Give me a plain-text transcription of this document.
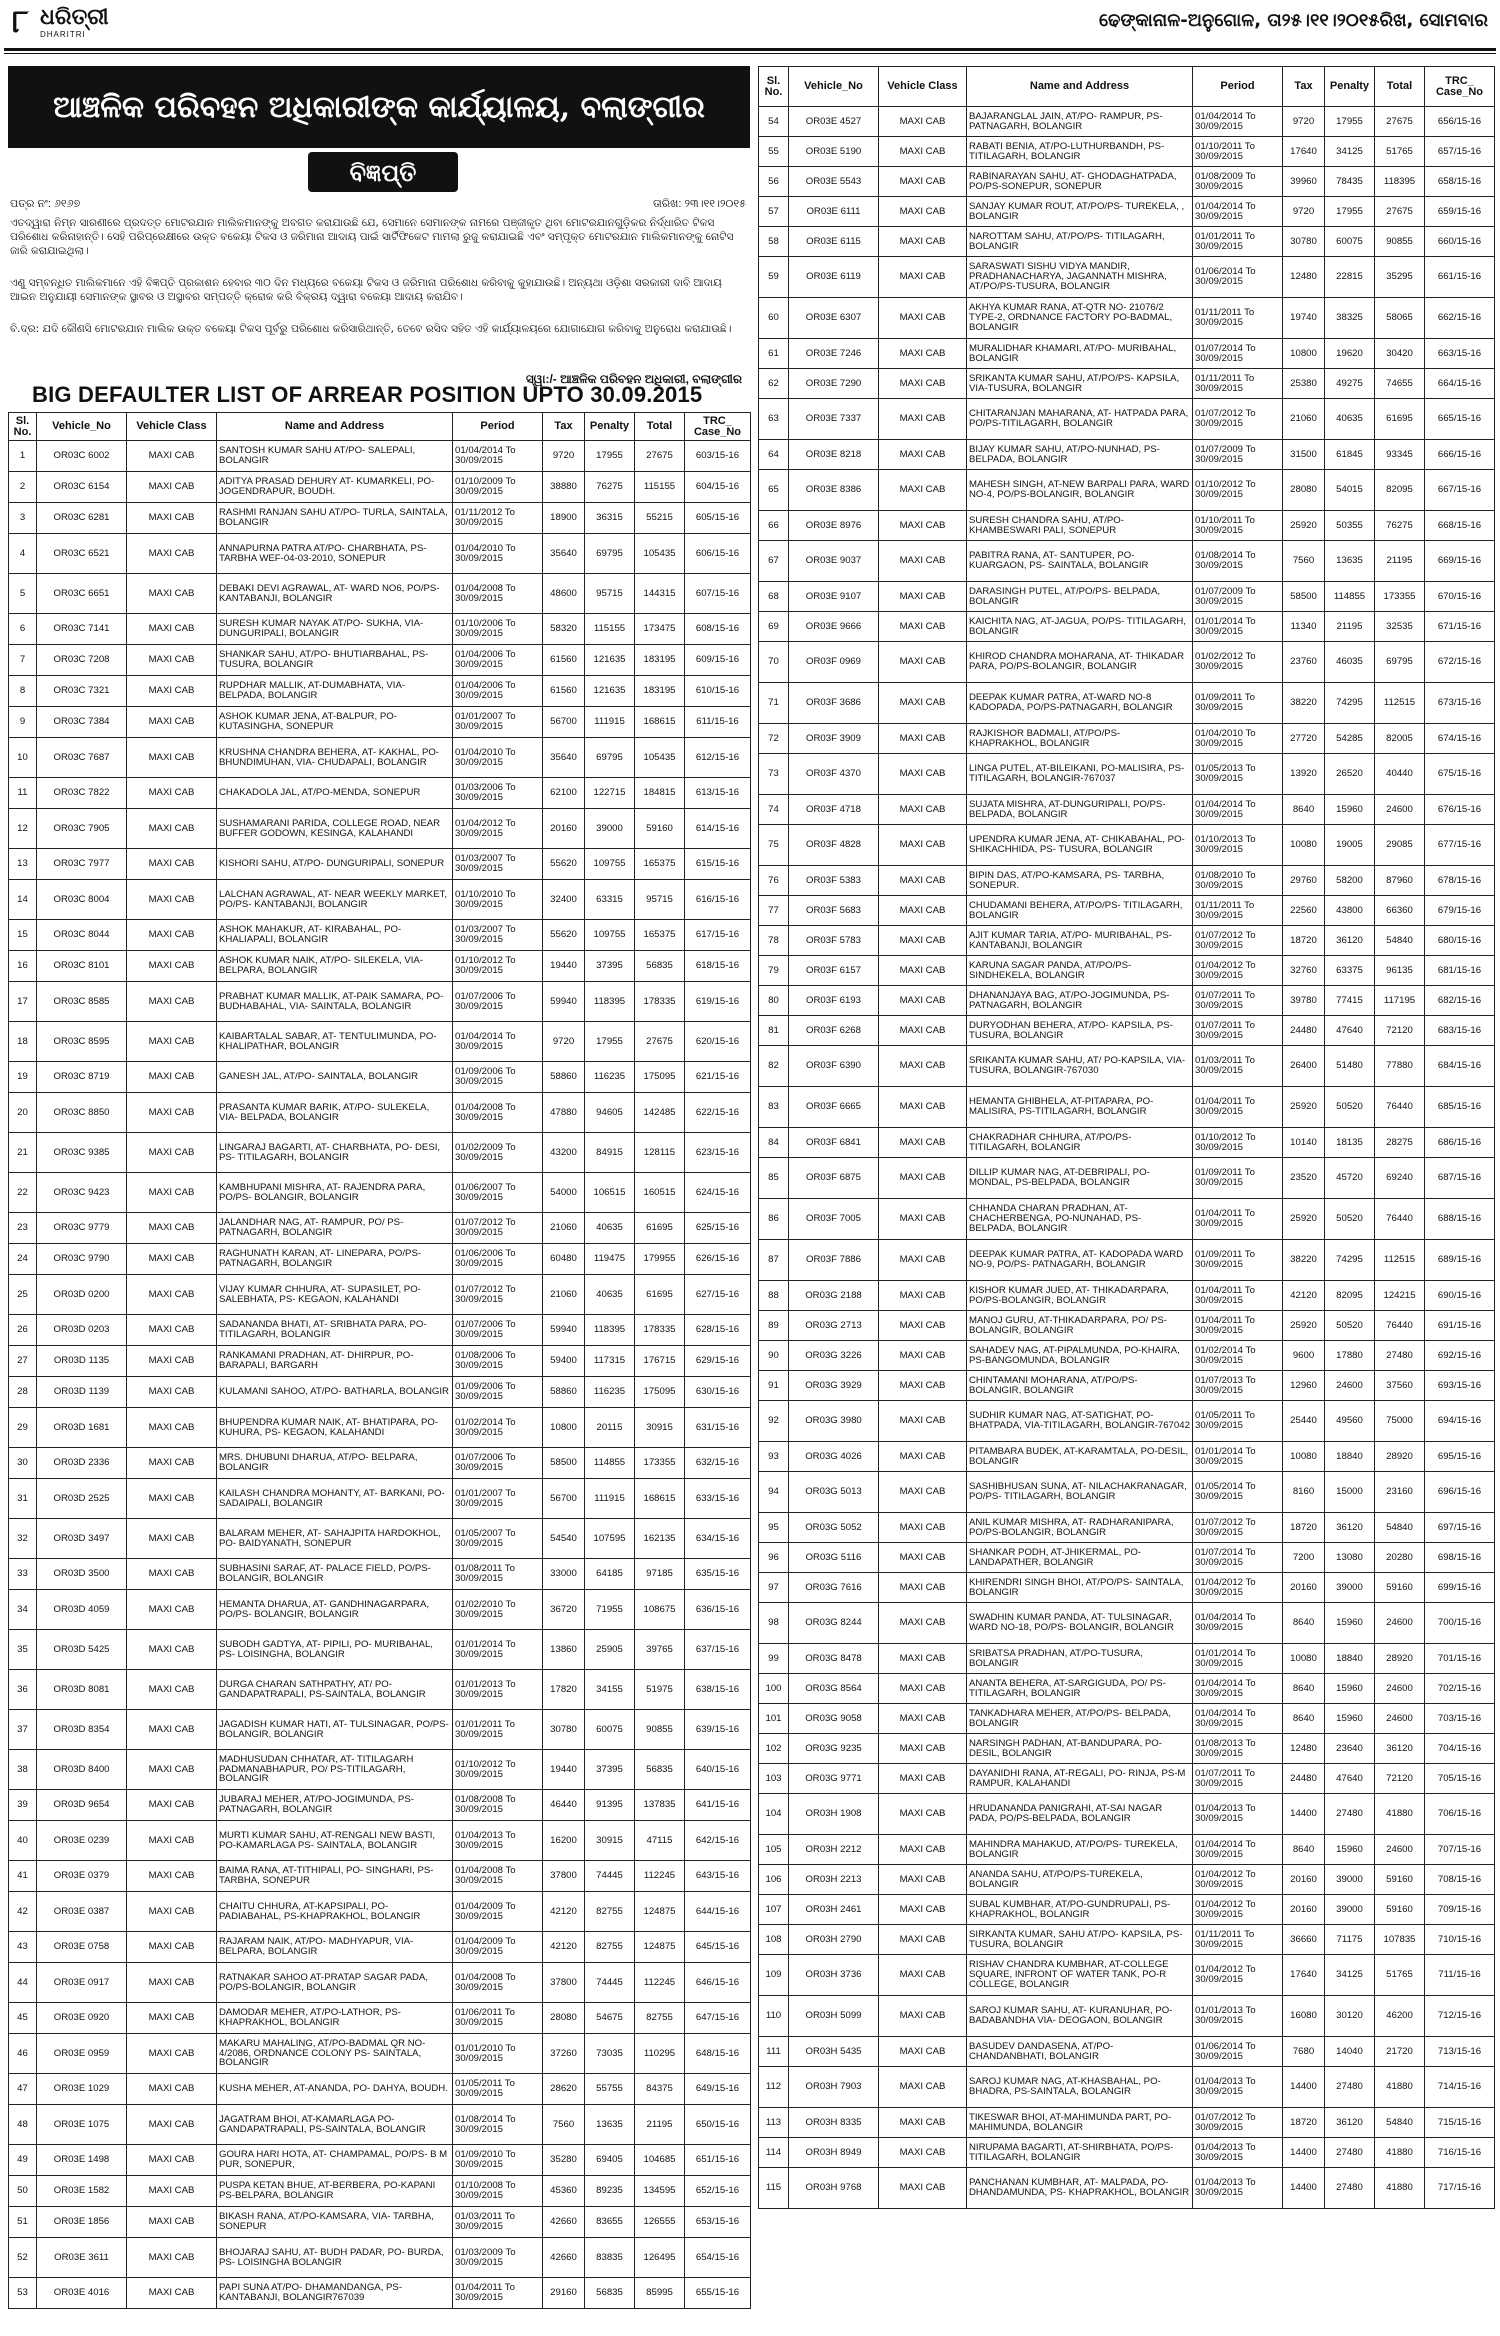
୮ ଧରିତ୍ରୀ
DHARITRI
ଢେଙ୍କାନାଳ-ଅନୁଗୋଳ, ତା୨୫।୧୧।୨୦୧୫ରିଖ, ସୋମବାର
ଆଞ୍ଚଳିକ ପରିବହନ ଅଧିକାରୀଙ୍କ କାର୍ଯ୍ୟାଳୟ, ବଲାଙ୍ଗୀର
ବିଜ୍ଞପ୍ତି
ପତ୍ର ନଂ: ୬୧୬୭	ତାରିଖ: ୨୩।୧୧।୨୦୧୫
ଏତଦ୍ୱାରା ନିମ୍ନ ସାରଣୀରେ ପ୍ରଦତ୍ତ ମୋଟରଯାନ ମାଲିକମାନଙ୍କୁ ଅବଗତ କରାଯାଉଛି ଯେ, ସେମାନେ ସେମାନଙ୍କ ନାମରେ ପଞ୍ଜୀକୃତ ଥିବା ମୋଟରଯାନଗୁଡ଼ିକର ନିର୍ଦ୍ଧାରିତ ଟିକସ ପରିଶୋଧ କରିନାହାନ୍ତି। ସେହି ପରିପ୍ରେକ୍ଷୀରେ ଉକ୍ତ ବକେୟା ଟିକସ ଓ ଜରିମାନା ଆଦାୟ ପାଇଁ ସାର୍ଟିଫିକେଟ ମାମଲା ରୁଜୁ କରାଯାଇଛି ଏବଂ ସମ୍ପୃକ୍ତ ମୋଟରଯାନ ମାଲିକମାନଙ୍କୁ ନୋଟିସ ଜାରି କରାଯାଇଥିଲା।
ଏଣୁ ସମ୍ବନ୍ଧିତ ମାଲିକମାନେ ଏହି ବିଜ୍ଞପ୍ତି ପ୍ରକାଶନ ହେବାର ୩୦ ଦିନ ମଧ୍ୟରେ ବକେୟା ଟିକସ ଓ ଜରିମାନା ପରିଶୋଧ କରିବାକୁ କୁହାଯାଉଛି। ଅନ୍ୟଥା ଓଡ଼ିଶା ସରକାରୀ ଦାବି ଆଦାୟ ଆଇନ ଅନୁଯାୟୀ ସେମାନଙ୍କ ସ୍ଥାବର ଓ ଅସ୍ଥାବର ସମ୍ପତ୍ତି କ୍ରୋକ କରି ବିକ୍ରୟ ଦ୍ୱାରା ବକେୟା ଆଦାୟ କରାଯିବ।
ବି.ଦ୍ର: ଯଦି କୌଣସି ମୋଟରଯାନ ମାଲିକ ଉକ୍ତ ବକେୟା ଟିକସ ପୂର୍ବରୁ ପରିଶୋଧ କରିସାରିଥାନ୍ତି, ତେବେ ରସିଦ ସହିତ ଏହି କାର୍ଯ୍ୟାଳୟରେ ଯୋଗାଯୋଗ କରିବାକୁ ଅନୁରୋଧ କରାଯାଉଛି।
ସ୍ୱା:/- ଆଞ୍ଚଳିକ ପରିବହନ ଅଧିକାରୀ, ବଲାଙ୍ଗୀର
BIG DEFAULTER LIST OF ARREAR POSITION UPTO 30.09.2015
Sl. No.	Vehicle_No	Vehicle Class	Name and Address	Period	Tax	Penalty	Total	TRC_ Case_No
1	OR03C 6002	MAXI CAB	SANTOSH KUMAR SAHU AT/PO- SALEPALI, BOLANGIR	01/04/2014 To 30/09/2015	9720	17955	27675	603/15-16
2	OR03C 6154	MAXI CAB	ADITYA PRASAD DEHURY AT- KUMARKELI, PO-JOGENDRAPUR, BOUDH.	01/10/2009 To 30/09/2015	38880	76275	115155	604/15-16
3	OR03C 6281	MAXI CAB	RASHMI RANJAN SAHU AT/PO- TURLA, SAINTALA, BOLANGIR	01/11/2012 To 30/09/2015	18900	36315	55215	605/15-16
4	OR03C 6521	MAXI CAB	ANNAPURNA PATRA AT/PO- CHARBHATA, PS-TARBHA WEF-04-03-2010, SONEPUR	01/04/2010 To 30/09/2015	35640	69795	105435	606/15-16
5	OR03C 6651	MAXI CAB	DEBAKI DEVI AGRAWAL, AT- WARD NO6, PO/PS- KANTABANJI, BOLANGIR	01/04/2008 To 30/09/2015	48600	95715	144315	607/15-16
6	OR03C 7141	MAXI CAB	SURESH KUMAR NAYAK AT/PO- SUKHA, VIA- DUNGURIPALI, BOLANGIR	01/10/2006 To 30/09/2015	58320	115155	173475	608/15-16
7	OR03C 7208	MAXI CAB	SHANKAR SAHU, AT/PO- BHUTIARBAHAL, PS- TUSURA, BOLANGIR	01/04/2006 To 30/09/2015	61560	121635	183195	609/15-16
8	OR03C 7321	MAXI CAB	RUPDHAR MALLIK, AT-DUMABHATA, VIA-BELPADA, BOLANGIR	01/04/2006 To 30/09/2015	61560	121635	183195	610/15-16
9	OR03C 7384	MAXI CAB	ASHOK KUMAR JENA, AT-BALPUR, PO- KUTASINGHA, SONEPUR	01/01/2007 To 30/09/2015	56700	111915	168615	611/15-16
10	OR03C 7687	MAXI CAB	KRUSHNA CHANDRA BEHERA, AT- KAKHAL, PO- BHUNDIMUHAN, VIA- CHUDAPALI, BOLANGIR	01/04/2010 To 30/09/2015	35640	69795	105435	612/15-16
11	OR03C 7822	MAXI CAB	CHAKADOLA JAL, AT/PO-MENDA, SONEPUR	01/03/2006 To 30/09/2015	62100	122715	184815	613/15-16
12	OR03C 7905	MAXI CAB	SUSHAMARANI PARIDA, COLLEGE ROAD, NEAR BUFFER GODOWN, KESINGA, KALAHANDI	01/04/2012 To 30/09/2015	20160	39000	59160	614/15-16
13	OR03C 7977	MAXI CAB	KISHORI SAHU, AT/PO- DUNGURIPALI, SONEPUR	01/03/2007 To 30/09/2015	55620	109755	165375	615/15-16
14	OR03C 8004	MAXI CAB	LALCHAN AGRAWAL, AT- NEAR WEEKLY MARKET, PO/PS- KANTABANJI, BOLANGIR	01/10/2010 To 30/09/2015	32400	63315	95715	616/15-16
15	OR03C 8044	MAXI CAB	ASHOK MAHAKUR, AT- KIRABAHAL, PO- KHALIAPALI, BOLANGIR	01/03/2007 To 30/09/2015	55620	109755	165375	617/15-16
16	OR03C 8101	MAXI CAB	ASHOK KUMAR NAIK, AT/PO- SILEKELA, VIA- BELPARA, BOLANGIR	01/10/2012 To 30/09/2015	19440	37395	56835	618/15-16
17	OR03C 8585	MAXI CAB	PRABHAT KUMAR MALLIK, AT-PAIK SAMARA, PO-BUDHABAHAL, VIA- SAINTALA, BOLANGIR	01/07/2006 To 30/09/2015	59940	118395	178335	619/15-16
18	OR03C 8595	MAXI CAB	KAIBARTALAL SABAR, AT- TENTULIMUNDA, PO-KHALIPATHAR, BOLANGIR	01/04/2014 To 30/09/2015	9720	17955	27675	620/15-16
19	OR03C 8719	MAXI CAB	GANESH JAL, AT/PO- SAINTALA, BOLANGIR	01/09/2006 To 30/09/2015	58860	116235	175095	621/15-16
20	OR03C 8850	MAXI CAB	PRASANTA KUMAR BARIK, AT/PO- SULEKELA, VIA- BELPADA, BOLANGIR	01/04/2008 To 30/09/2015	47880	94605	142485	622/15-16
21	OR03C 9385	MAXI CAB	LINGARAJ BAGARTI, AT- CHARBHATA, PO- DESI, PS- TITILAGARH, BOLANGIR	01/02/2009 To 30/09/2015	43200	84915	128115	623/15-16
22	OR03C 9423	MAXI CAB	KAMBHUPANI MISHRA, AT- RAJENDRA PARA, PO/PS- BOLANGIR, BOLANGIR	01/06/2007 To 30/09/2015	54000	106515	160515	624/15-16
23	OR03C 9779	MAXI CAB	JALANDHAR NAG, AT- RAMPUR, PO/ PS- PATNAGARH, BOLANGIR	01/07/2012 To 30/09/2015	21060	40635	61695	625/15-16
24	OR03C 9790	MAXI CAB	RAGHUNATH KARAN, AT- LINEPARA, PO/PS- PATNAGARH, BOLANGIR	01/06/2006 To 30/09/2015	60480	119475	179955	626/15-16
25	OR03D 0200	MAXI CAB	VIJAY KUMAR CHHURA, AT- SUPASILET, PO-SALEBHATA, PS- KEGAON, KALAHANDI	01/07/2012 To 30/09/2015	21060	40635	61695	627/15-16
26	OR03D 0203	MAXI CAB	SADANANDA BHATI, AT- SRIBHATA PARA, PO- TITILAGARH, BOLANGIR	01/07/2006 To 30/09/2015	59940	118395	178335	628/15-16
27	OR03D 1135	MAXI CAB	RANKAMANI PRADHAN, AT- DHIRPUR, PO- BARAPALI, BARGARH	01/08/2006 To 30/09/2015	59400	117315	176715	629/15-16
28	OR03D 1139	MAXI CAB	KULAMANI SAHOO, AT/PO- BATHARLA, BOLANGIR	01/09/2006 To 30/09/2015	58860	116235	175095	630/15-16
29	OR03D 1681	MAXI CAB	BHUPENDRA KUMAR NAIK, AT- BHATIPARA, PO-KUHURA, PS- KEGAON, KALAHANDI	01/02/2014 To 30/09/2015	10800	20115	30915	631/15-16
30	OR03D 2336	MAXI CAB	MRS. DHUBUNI DHARUA, AT/PO- BELPARA, BOLANGIR	01/07/2006 To 30/09/2015	58500	114855	173355	632/15-16
31	OR03D 2525	MAXI CAB	KAILASH CHANDRA MOHANTY, AT- BARKANI, PO- SADAIPALI, BOLANGIR	01/01/2007 To 30/09/2015	56700	111915	168615	633/15-16
32	OR03D 3497	MAXI CAB	BALARAM MEHER, AT- SAHAJPITA HARDOKHOL, PO- BAIDYANATH, SONEPUR	01/05/2007 To 30/09/2015	54540	107595	162135	634/15-16
33	OR03D 3500	MAXI CAB	SUBHASINI SARAF, AT- PALACE FIELD, PO/PS- BOLANGIR, BOLANGIR	01/08/2011 To 30/09/2015	33000	64185	97185	635/15-16
34	OR03D 4059	MAXI CAB	HEMANTA DHARUA, AT- GANDHINAGARPARA, PO/PS- BOLANGIR, BOLANGIR	01/02/2010 To 30/09/2015	36720	71955	108675	636/15-16
35	OR03D 5425	MAXI CAB	SUBODH GADTYA, AT- PIPILI, PO- MURIBAHAL, PS- LOISINGHA, BOLANGIR	01/01/2014 To 30/09/2015	13860	25905	39765	637/15-16
36	OR03D 8081	MAXI CAB	DURGA CHARAN SATHPATHY, AT/ PO-GANDAPATRAPALI, PS-SAINTALA, BOLANGIR	01/01/2013 To 30/09/2015	17820	34155	51975	638/15-16
37	OR03D 8354	MAXI CAB	JAGADISH KUMAR HATI, AT- TULSINAGAR, PO/PS-BOLANGIR, BOLANGIR	01/01/2011 To 30/09/2015	30780	60075	90855	639/15-16
38	OR03D 8400	MAXI CAB	MADHUSUDAN CHHATAR, AT- TITILAGARH PADMANABHAPUR, PO/ PS-TITILAGARH, BOLANGIR	01/10/2012 To 30/09/2015	19440	37395	56835	640/15-16
39	OR03D 9654	MAXI CAB	JUBARAJ MEHER, AT/PO-JOGIMUNDA, PS-PATNAGARH, BOLANGIR	01/08/2008 To 30/09/2015	46440	91395	137835	641/15-16
40	OR03E 0239	MAXI CAB	MURTI KUMAR SAHU, AT-RENGALI NEW BASTI, PO-KAMARLAGA PS- SAINTALA, BOLANGIR	01/04/2013 To 30/09/2015	16200	30915	47115	642/15-16
41	OR03E 0379	MAXI CAB	BAIMA RANA, AT-TITHIPALI, PO- SINGHARI, PS-TARBHA, SONEPUR	01/04/2008 To 30/09/2015	37800	74445	112245	643/15-16
42	OR03E 0387	MAXI CAB	CHAITU CHHURA, AT-KAPSIPALI, PO-PADIABAHAL, PS-KHAPRAKHOL, BOLANGIR	01/04/2009 To 30/09/2015	42120	82755	124875	644/15-16
43	OR03E 0758	MAXI CAB	RAJARAM NAIK, AT/PO- MADHYAPUR, VIA-BELPARA, BOLANGIR	01/04/2009 To 30/09/2015	42120	82755	124875	645/15-16
44	OR03E 0917	MAXI CAB	RATNAKAR SAHOO AT-PRATAP SAGAR PADA, PO/PS-BOLANGIR, BOLANGIR	01/04/2008 To 30/09/2015	37800	74445	112245	646/15-16
45	OR03E 0920	MAXI CAB	DAMODAR MEHER, AT/PO-LATHOR, PS-KHAPRAKHOL, BOLANGIR	01/06/2011 To 30/09/2015	28080	54675	82755	647/15-16
46	OR03E 0959	MAXI CAB	MAKARU MAHALING, AT/PO-BADMAL QR NO-4/2086, ORDNANCE COLONY PS- SAINTALA, BOLANGIR	01/01/2010 To 30/09/2015	37260	73035	110295	648/15-16
47	OR03E 1029	MAXI CAB	KUSHA MEHER, AT-ANANDA, PO- DAHYA, BOUDH.	01/05/2011 To 30/09/2015	28620	55755	84375	649/15-16
48	OR03E 1075	MAXI CAB	JAGATRAM BHOI, AT-KAMARLAGA PO-GANDAPATRAPALI, PS-SAINTALA, BOLANGIR	01/08/2014 To 30/09/2015	7560	13635	21195	650/15-16
49	OR03E 1498	MAXI CAB	GOURA HARI HOTA, AT- CHAMPAMAL, PO/PS- B M PUR, SONEPUR,	01/09/2010 To 30/09/2015	35280	69405	104685	651/15-16
50	OR03E 1582	MAXI CAB	PUSPA KETAN BHUE, AT-BERBERA, PO-KAPANI PS-BELPARA, BOLANGIR	01/10/2008 To 30/09/2015	45360	89235	134595	652/15-16
51	OR03E 1856	MAXI CAB	BIKASH RANA, AT/PO-KAMSARA, VIA- TARBHA, SONEPUR	01/03/2011 To 30/09/2015	42660	83655	126555	653/15-16
52	OR03E 3611	MAXI CAB	BHOJARAJ SAHU, AT- BUDH PADAR, PO- BURDA, PS- LOISINGHA BOLANGIR	01/03/2009 To 30/09/2015	42660	83835	126495	654/15-16
53	OR03E 4016	MAXI CAB	PAPI SUNA AT/PO- DHAMANDANGA, PS-KANTABANJI, BOLANGIR767039	01/04/2011 To 30/09/2015	29160	56835	85995	655/15-16
Sl. No.	Vehicle_No	Vehicle Class	Name and Address	Period	Tax	Penalty	Total	TRC_ Case_No
54	OR03E 4527	MAXI CAB	BAJARANGLAL JAIN, AT/PO- RAMPUR, PS-PATNAGARH, BOLANGIR	01/04/2014 To 30/09/2015	9720	17955	27675	656/15-16
55	OR03E 5190	MAXI CAB	RABATI BENIA, AT/PO-LUTHURBANDH, PS-TITILAGARH, BOLANGIR	01/10/2011 To 30/09/2015	17640	34125	51765	657/15-16
56	OR03E 5543	MAXI CAB	RABINARAYAN SAHU, AT- GHODAGHATPADA, PO/PS-SONEPUR, SONEPUR	01/08/2009 To 30/09/2015	39960	78435	118395	658/15-16
57	OR03E 6111	MAXI CAB	SANJAY KUMAR ROUT, AT/PO/PS- TUREKELA, , BOLANGIR	01/04/2014 To 30/09/2015	9720	17955	27675	659/15-16
58	OR03E 6115	MAXI CAB	NAROTTAM SAHU, AT/PO/PS- TITILAGARH, BOLANGIR	01/01/2011 To 30/09/2015	30780	60075	90855	660/15-16
59	OR03E 6119	MAXI CAB	SARASWATI SISHU VIDYA MANDIR, PRADHANACHARYA, JAGANNATH MISHRA, AT/PO/PS-TUSURA, BOLANGIR	01/06/2014 To 30/09/2015	12480	22815	35295	661/15-16
60	OR03E 6307	MAXI CAB	AKHYA KUMAR RANA, AT-QTR NO- 21076/2 TYPE-2, ORDNANCE FACTORY PO-BADMAL, BOLANGIR	01/11/2011 To 30/09/2015	19740	38325	58065	662/15-16
61	OR03E 7246	MAXI CAB	MURALIDHAR KHAMARI, AT/PO- MURIBAHAL, BOLANGIR	01/07/2014 To 30/09/2015	10800	19620	30420	663/15-16
62	OR03E 7290	MAXI CAB	SRIKANTA KUMAR SAHU, AT/PO/PS- KAPSILA, VIA-TUSURA, BOLANGIR	01/11/2011 To 30/09/2015	25380	49275	74655	664/15-16
63	OR03E 7337	MAXI CAB	CHITARANJAN MAHARANA, AT- HATPADA PARA, PO/PS-TITILAGARH, BOLANGIR	01/07/2012 To 30/09/2015	21060	40635	61695	665/15-16
64	OR03E 8218	MAXI CAB	BIJAY KUMAR SAHU, AT/PO-NUNHAD, PS-BELPADA, BOLANGIR	01/07/2009 To 30/09/2015	31500	61845	93345	666/15-16
65	OR03E 8386	MAXI CAB	MAHESH SINGH, AT-NEW BARPALI PARA, WARD NO-4, PO/PS-BOLANGIR, BOLANGIR	01/10/2012 To 30/09/2015	28080	54015	82095	667/15-16
66	OR03E 8976	MAXI CAB	SURESH CHANDRA SAHU, AT/PO- KHAMBESWARI PALI, SONEPUR	01/10/2011 To 30/09/2015	25920	50355	76275	668/15-16
67	OR03E 9037	MAXI CAB	PABITRA RANA, AT- SANTUPER, PO- KUARGAON, PS- SAINTALA, BOLANGIR	01/08/2014 To 30/09/2015	7560	13635	21195	669/15-16
68	OR03E 9107	MAXI CAB	DARASINGH PUTEL, AT/PO/PS- BELPADA, BOLANGIR	01/07/2009 To 30/09/2015	58500	114855	173355	670/15-16
69	OR03E 9666	MAXI CAB	KAICHITA NAG, AT-JAGUA, PO/PS- TITILAGARH, BOLANGIR	01/01/2014 To 30/09/2015	11340	21195	32535	671/15-16
70	OR03F 0969	MAXI CAB	KHIROD CHANDRA MOHARANA, AT- THIKADAR PARA, PO/PS-BOLANGIR, BOLANGIR	01/02/2012 To 30/09/2015	23760	46035	69795	672/15-16
71	OR03F 3686	MAXI CAB	DEEPAK KUMAR PATRA, AT-WARD NO-8 KADOPADA, PO/PS-PATNAGARH, BOLANGIR	01/09/2011 To 30/09/2015	38220	74295	112515	673/15-16
72	OR03F 3909	MAXI CAB	RAJKISHOR BADMALI, AT/PO/PS- KHAPRAKHOL, BOLANGIR	01/04/2010 To 30/09/2015	27720	54285	82005	674/15-16
73	OR03F 4370	MAXI CAB	LINGA PUTEL, AT-BILEIKANI, PO-MALISIRA, PS-TITILAGARH, BOLANGIR-767037	01/05/2013 To 30/09/2015	13920	26520	40440	675/15-16
74	OR03F 4718	MAXI CAB	SUJATA MISHRA, AT-DUNGURIPALI, PO/PS-BELPADA, BOLANGIR	01/04/2014 To 30/09/2015	8640	15960	24600	676/15-16
75	OR03F 4828	MAXI CAB	UPENDRA KUMAR JENA, AT- CHIKABAHAL, PO-SHIKACHHIDA, PS- TUSURA, BOLANGIR	01/10/2013 To 30/09/2015	10080	19005	29085	677/15-16
76	OR03F 5383	MAXI CAB	BIPIN DAS, AT/PO-KAMSARA, PS- TARBHA, SONEPUR.	01/08/2010 To 30/09/2015	29760	58200	87960	678/15-16
77	OR03F 5683	MAXI CAB	CHUDAMANI BEHERA, AT/PO/PS- TITILAGARH, BOLANGIR	01/11/2011 To 30/09/2015	22560	43800	66360	679/15-16
78	OR03F 5783	MAXI CAB	AJIT KUMAR TARIA, AT/PO- MURIBAHAL, PS-KANTABANJI, BOLANGIR	01/07/2012 To 30/09/2015	18720	36120	54840	680/15-16
79	OR03F 6157	MAXI CAB	KARUNA SAGAR PANDA, AT/PO/PS- SINDHEKELA, BOLANGIR	01/04/2012 To 30/09/2015	32760	63375	96135	681/15-16
80	OR03F 6193	MAXI CAB	DHANANJAYA BAG, AT/PO-JOGIMUNDA, PS-PATNAGARH, BOLANGIR	01/07/2011 To 30/09/2015	39780	77415	117195	682/15-16
81	OR03F 6268	MAXI CAB	DURYODHAN BEHERA, AT/PO- KAPSILA, PS-TUSURA, BOLANGIR	01/07/2011 To 30/09/2015	24480	47640	72120	683/15-16
82	OR03F 6390	MAXI CAB	SRIKANTA KUMAR SAHU, AT/ PO-KAPSILA, VIA-TUSURA, BOLANGIR-767030	01/03/2011 To 30/09/2015	26400	51480	77880	684/15-16
83	OR03F 6665	MAXI CAB	HEMANTA GHIBHELA, AT-PITAPARA, PO-MALISIRA, PS-TITILAGARH, BOLANGIR	01/04/2011 To 30/09/2015	25920	50520	76440	685/15-16
84	OR03F 6841	MAXI CAB	CHAKRADHAR CHHURA, AT/PO/PS- TITILAGARH, BOLANGIR	01/10/2012 To 30/09/2015	10140	18135	28275	686/15-16
85	OR03F 6875	MAXI CAB	DILLIP KUMAR NAG, AT-DEBRIPALI, PO-MONDAL, PS-BELPADA, BOLANGIR	01/09/2011 To 30/09/2015	23520	45720	69240	687/15-16
86	OR03F 7005	MAXI CAB	CHHANDA CHARAN PRADHAN, AT- CHACHERBENGA, PO-NUNAHAD, PS- BELPADA, BOLANGIR	01/04/2011 To 30/09/2015	25920	50520	76440	688/15-16
87	OR03F 7886	MAXI CAB	DEEPAK KUMAR PATRA, AT- KADOPADA WARD NO-9, PO/PS- PATNAGARH, BOLANGIR	01/09/2011 To 30/09/2015	38220	74295	112515	689/15-16
88	OR03G 2188	MAXI CAB	KISHOR KUMAR JUED, AT- THIKADARPARA, PO/PS-BOLANGIR, BOLANGIR	01/04/2011 To 30/09/2015	42120	82095	124215	690/15-16
89	OR03G 2713	MAXI CAB	MANOJ GURU, AT-THIKADARPARA, PO/ PS-BOLANGIR, BOLANGIR	01/04/2011 To 30/09/2015	25920	50520	76440	691/15-16
90	OR03G 3226	MAXI CAB	SAHADEV NAG, AT-PIPALMUNDA, PO-KHAIRA, PS-BANGOMUNDA, BOLANGIR	01/02/2014 To 30/09/2015	9600	17880	27480	692/15-16
91	OR03G 3929	MAXI CAB	CHINTAMANI MOHARANA, AT/PO/PS- BOLANGIR, BOLANGIR	01/07/2013 To 30/09/2015	12960	24600	37560	693/15-16
92	OR03G 3980	MAXI CAB	SUDHIR KUMAR NAG, AT-SATIGHAT, PO-BHATPADA, VIA-TITILAGARH, BOLANGIR-767042	01/05/2011 To 30/09/2015	25440	49560	75000	694/15-16
93	OR03G 4026	MAXI CAB	PITAMBARA BUDEK, AT-KARAMTALA, PO-DESIL, BOLANGIR	01/01/2014 To 30/09/2015	10080	18840	28920	695/15-16
94	OR03G 5013	MAXI CAB	SASHIBHUSAN SUNA, AT- NILACHAKRANAGAR, PO/PS- TITILAGARH, BOLANGIR	01/05/2014 To 30/09/2015	8160	15000	23160	696/15-16
95	OR03G 5052	MAXI CAB	ANIL KUMAR MISHRA, AT- RADHARANIPARA, PO/PS-BOLANGIR, BOLANGIR	01/07/2012 To 30/09/2015	18720	36120	54840	697/15-16
96	OR03G 5116	MAXI CAB	SHANKAR PODH, AT-JHIKERMAL, PO- LANDAPATHER, BOLANGIR	01/07/2014 To 30/09/2015	7200	13080	20280	698/15-16
97	OR03G 7616	MAXI CAB	KHIRENDRI SINGH BHOI, AT/PO/PS- SAINTALA, BOLANGIR	01/04/2012 To 30/09/2015	20160	39000	59160	699/15-16
98	OR03G 8244	MAXI CAB	SWADHIN KUMAR PANDA, AT- TULSINAGAR, WARD NO-18, PO/PS- BOLANGIR, BOLANGIR	01/04/2014 To 30/09/2015	8640	15960	24600	700/15-16
99	OR03G 8478	MAXI CAB	SRIBATSA PRADHAN, AT/PO-TUSURA, BOLANGIR	01/01/2014 To 30/09/2015	10080	18840	28920	701/15-16
100	OR03G 8564	MAXI CAB	ANANTA BEHERA, AT-SARGIGUDA, PO/ PS-TITILAGARH, BOLANGIR	01/04/2014 To 30/09/2015	8640	15960	24600	702/15-16
101	OR03G 9058	MAXI CAB	TANKADHARA MEHER, AT/PO/PS- BELPADA, BOLANGIR	01/04/2014 To 30/09/2015	8640	15960	24600	703/15-16
102	OR03G 9235	MAXI CAB	NARSINGH PADHAN, AT-BANDUPARA, PO-DESIL, BOLANGIR	01/08/2013 To 30/09/2015	12480	23640	36120	704/15-16
103	OR03G 9771	MAXI CAB	DAYANIDHI RANA, AT-REGALI, PO- RINJA, PS-M RAMPUR, KALAHANDI	01/07/2011 To 30/09/2015	24480	47640	72120	705/15-16
104	OR03H 1908	MAXI CAB	HRUDANANDA PANIGRAHI, AT-SAI NAGAR PADA, PO/PS-BELPADA, BOLANGIR	01/04/2013 To 30/09/2015	14400	27480	41880	706/15-16
105	OR03H 2212	MAXI CAB	MAHINDRA MAHAKUD, AT/PO/PS- TUREKELA, BOLANGIR	01/04/2014 To 30/09/2015	8640	15960	24600	707/15-16
106	OR03H 2213	MAXI CAB	ANANDA SAHU, AT/PO/PS-TUREKELA, BOLANGIR	01/04/2012 To 30/09/2015	20160	39000	59160	708/15-16
107	OR03H 2461	MAXI CAB	SUBAL KUMBHAR, AT/PO-GUNDRUPALI, PS-KHAPRAKHOL, BOLANGIR	01/04/2012 To 30/09/2015	20160	39000	59160	709/15-16
108	OR03H 2790	MAXI CAB	SIRKANTA KUMAR, SAHU AT/PO- KAPSILA, PS-TUSURA, BOLANGIR	01/11/2011 To 30/09/2015	36660	71175	107835	710/15-16
109	OR03H 3736	MAXI CAB	RISHAV CHANDRA KUMBHAR, AT-COLLEGE SQUARE, INFRONT OF WATER TANK, PO-R COLLEGE, BOLANGIR	01/04/2012 To 30/09/2015	17640	34125	51765	711/15-16
110	OR03H 5099	MAXI CAB	SAROJ KUMAR SAHU, AT- KURANUHAR, PO-BADABANDHA VIA- DEOGAON, BOLANGIR	01/01/2013 To 30/09/2015	16080	30120	46200	712/15-16
111	OR03H 5435	MAXI CAB	BASUDEV DANDASENA, AT/PO- CHANDANBHATI, BOLANGIR	01/06/2014 To 30/09/2015	7680	14040	21720	713/15-16
112	OR03H 7903	MAXI CAB	SAROJ KUMAR NAG, AT-KHASBAHAL, PO-BHADRA, PS-SAINTALA, BOLANGIR	01/04/2013 To 30/09/2015	14400	27480	41880	714/15-16
113	OR03H 8335	MAXI CAB	TIKESWAR BHOI, AT-MAHIMUNDA PART, PO-MAHIMUNDA, BOLANGIR	01/07/2012 To 30/09/2015	18720	36120	54840	715/15-16
114	OR03H 8949	MAXI CAB	NIRUPAMA BAGARTI, AT-SHIRBHATA, PO/PS-TITILAGARH, BOLANGIR	01/04/2013 To 30/09/2015	14400	27480	41880	716/15-16
115	OR03H 9768	MAXI CAB	PANCHANAN KUMBHAR, AT- MALPADA, PO-DHANDAMUNDA, PS- KHAPRAKHOL, BOLANGIR	01/04/2013 To 30/09/2015	14400	27480	41880	717/15-16
